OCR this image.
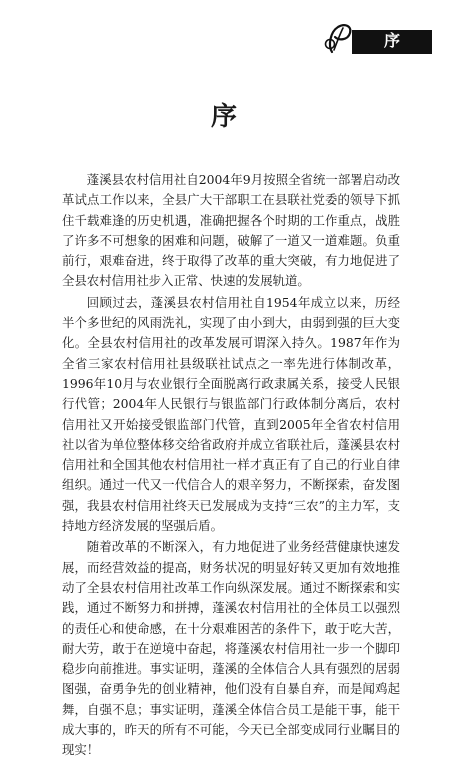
序
序

蓬溪县农村信用社自2004年9月按照全省统一部署启动改革试点工作以来，全县广大干部职工在县联社党委的领导下抓住千载难逢的历史机遇，准确把握各个时期的工作重点，战胜了许多不可想象的困难和问题，破解了一道又一道难题。负重前行，艰难奋进，终于取得了改革的重大突破，有力地促进了全县农村信用社步入正常、快速的发展轨道。

回顾过去，蓬溪县农村信用社自1954年成立以来，历经半个多世纪的风雨洗礼，实现了由小到大，由弱到强的巨大变化。全县农村信用社的改革发展可谓深入持久。1987年作为全省三家农村信用社县级联社试点之一率先进行体制改革，1996年10月与农业银行全面脱离行政隶属关系，接受人民银行代管；2004年人民银行与银监部门行政体制分离后，农村信用社又开始接受银监部门代管，直到2005年全省农村信用社以省为单位整体移交给省政府并成立省联社后，蓬溪县农村信用社和全国其他农村信用社一样才真正有了自己的行业自律组织。通过一代又一代信合人的艰辛努力，不断探索，奋发图强，我县农村信用社终天已发展成为支持“三农”的主力军，支持地方经济发展的坚强后盾。

随着改革的不断深入，有力地促进了业务经营健康快速发展，而经营效益的提高，财务状况的明显好转又更加有效地推动了全县农村信用社改革工作向纵深发展。通过不断探索和实践，通过不断努力和拼搏，蓬溪农村信用社的全体员工以强烈的责任心和使命感，在十分艰难困苦的条件下，敢于吃大苦，耐大劳，敢于在逆境中奋起，将蓬溪农村信用社一步一个脚印稳步向前推进。事实证明，蓬溪的全体信合人具有强烈的居弱图强，奋勇争先的创业精神，他们没有自暴自弃，而是闻鸡起舞，自强不息；事实证明，蓬溪全体信合员工是能干事，能干成大事的，昨天的所有不可能，今天已全部变成同行业瞩目的现实！
